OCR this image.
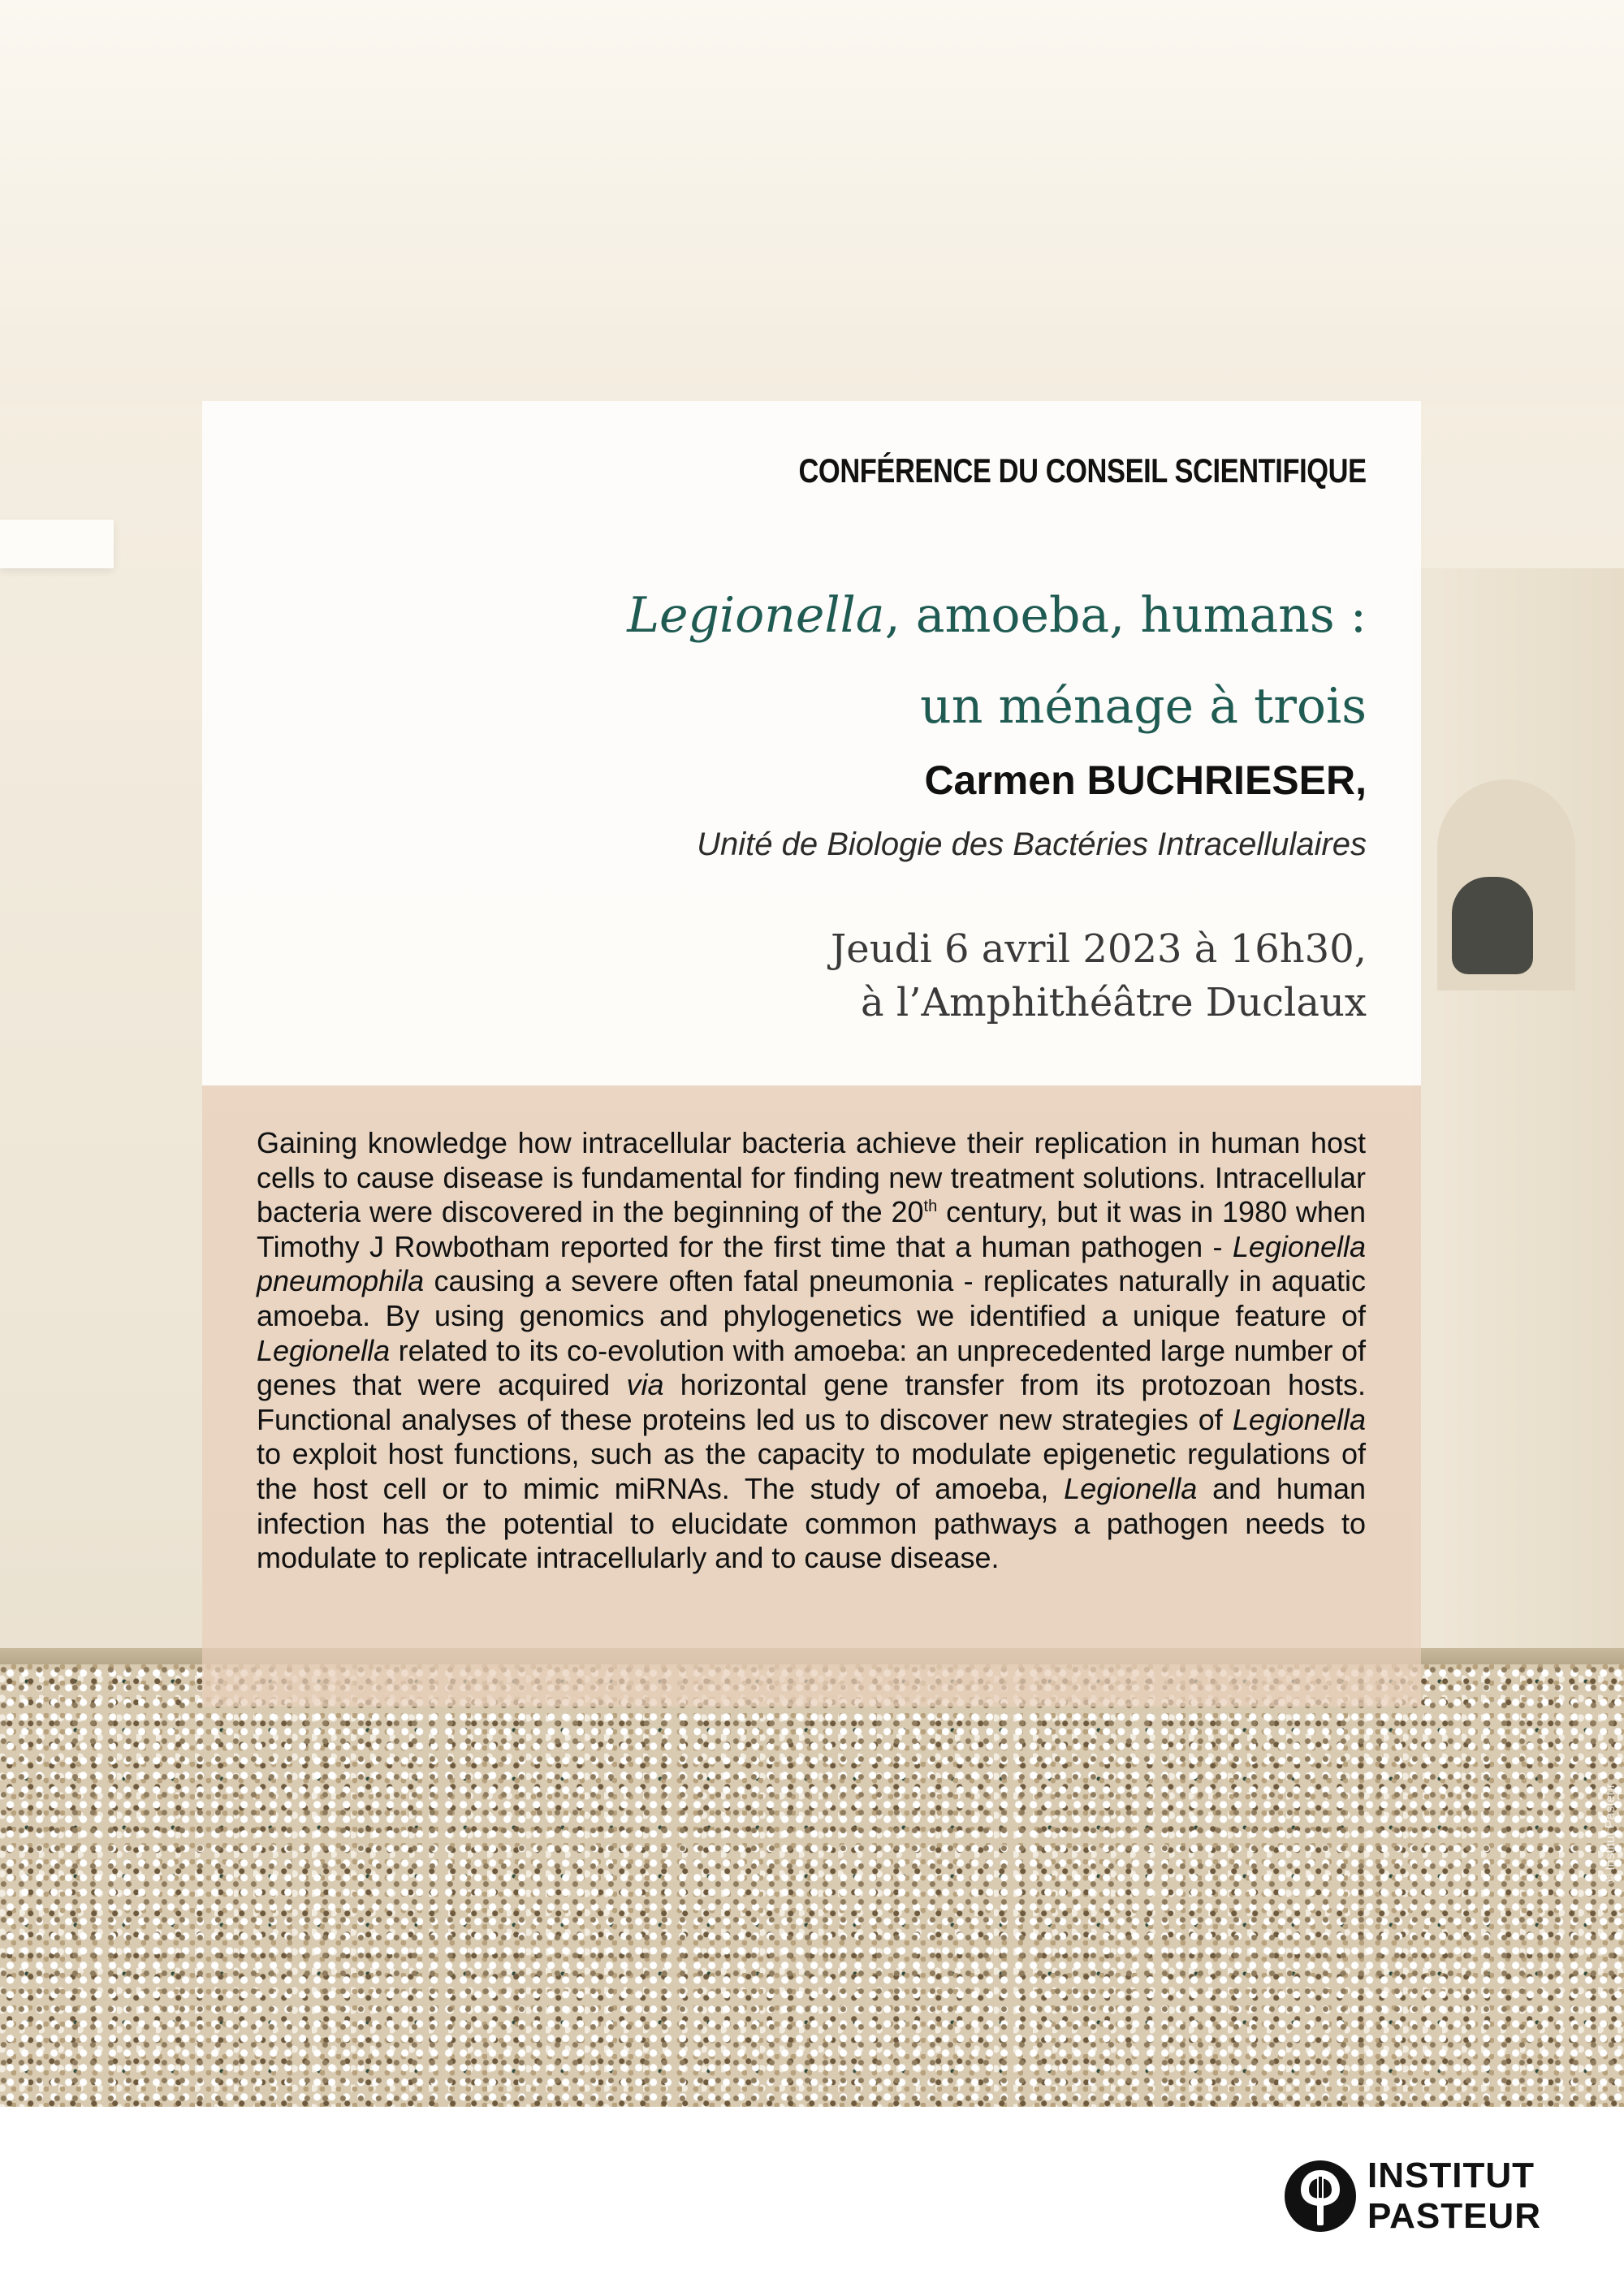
© Institut Pasteur

CONFÉRENCE DU CONSEIL SCIENTIFIQUE

Legionella, amoeba, humans :
un ménage à trois

Carmen BUCHRIESER,

Unité de Biologie des Bactéries Intracellulaires

Jeudi 6 avril 2023 à 16h30,
à l’Amphithéâtre Duclaux

Gaining knowledge how intracellular bacteria achieve their replication in human host cells to cause disease is fundamental for finding new treatment solutions. Intracellular bacteria were discovered in the beginning of the 20th century, but it was in 1980 when Timothy J Rowbotham reported for the first time that a human pathogen - Legionella pneumophila causing a severe often fatal pneumonia - replicates naturally in aquatic amoeba. By using genomics and phylogenetics we identified a unique feature of Legionella related to its co-evolution with amoeba: an unprecedented large number of genes that were acquired via horizontal gene transfer from its protozoan hosts. Functional analyses of these proteins led us to discover new strategies of Legionella to exploit host functions, such as the capacity to modulate epigenetic regulations of the host cell or to mimic miRNAs. The study of amoeba, Legionella and human infection has the potential to elucidate common pathways a pathogen needs to modulate to replicate intracellularly and to cause disease.

INSTITUT
PASTEUR
